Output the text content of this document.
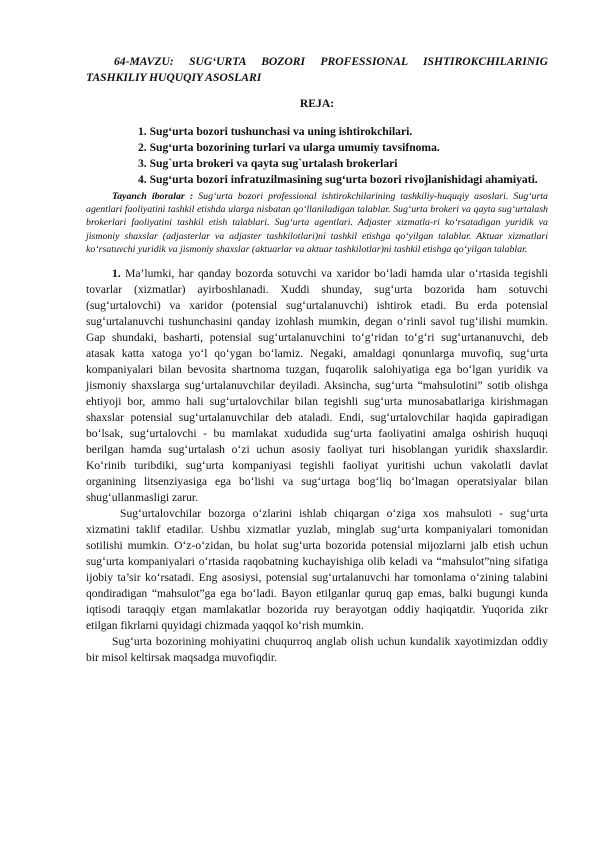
64-MAVZU: SUG‘URTA BOZORI PROFESSIONAL ISHTIROKCHILARINIG TASHKILIY HUQUQIY ASOSLARI

REJA:

1. Sug‘urta bozori tushunchasi va uning ishtirokchilari.
2. Sug‘urta bozorining turlari va ularga umumiy tavsifnoma.
3. Sug`urta brokeri va qayta sug`urtalash brokerlari
4. Sug‘urta bozori infratuzilmasining sug‘urta bozori rivojlanishidagi ahamiyati.

Tayanch iboralar : Sug‘urta bozori professional ishtirokchilarining tashkiliy-huquqiy asoslari. Sug‘urta agentlari faoliyatini tashkil etishda ularga nisbatan qo‘llaniladigan talablar. Sug‘urta brokeri va qayta sug‘urtalash brokerlari faoliyatini tashkil etish talablari. Sug‘urta agentlari. Adjaster xizmatla-ri ko‘rsatadigan yuridik va jismoniy shaxslar (adjasterlar va adjaster tashkilotlari)ni tashkil etishga qo‘yilgan talablar. Aktuar xizmatlari ko‘rsatuvchi yuridik va jismoniy shaxslar (aktuarlar va aktuar tashkilotlar)ni tashkil etishga qo‘yilgan talablar.

1. Ma’lumki, har qanday bozorda sotuvchi va xaridor bo‘ladi hamda ular o‘rtasida tegishli tovarlar (xizmatlar) ayirboshlanadi. Xuddi shunday, sug‘urta bozorida ham sotuvchi (sug‘urtalovchi) va xaridor (potensial sug‘urtalanuvchi) ishtirok etadi. Bu erda potensial sug‘urtalanuvchi tushunchasini qanday izohlash mumkin, degan o‘rinli savol tug‘ilishi mumkin. Gap shundaki, basharti, potensial sug‘urtalanuvchini to‘g‘ridan to‘g‘ri sug‘urtananuvchi, deb atasak katta xatoga yo‘l qo‘ygan bo‘lamiz. Negaki, amaldagi qonunlarga muvofiq, sug‘urta kompaniyalari bilan bevosita shartnoma tuzgan, fuqarolik salohiyatiga ega bo‘lgan yuridik va jismoniy shaxslarga sug‘urtalanuvchilar deyiladi. Aksincha, sug‘urta “mahsulotini” sotib olishga ehtiyoji bor, ammo hali sug‘urtalovchilar bilan tegishli sug‘urta munosabatlariga kirishmagan shaxslar potensial sug‘urtalanuvchilar deb ataladi. Endi, sug‘urtalovchilar haqida gapiradigan bo‘lsak, sug‘urtalovchi - bu mamlakat xududida sug‘urta faoliyatini amalga oshirish huquqi berilgan hamda sug‘urtalash o‘zi uchun asosiy faoliyat turi hisoblangan yuridik shaxslardir. Ko‘rinib turibdiki, sug‘urta kompaniyasi tegishli faoliyat yuritishi uchun vakolatli davlat organining litsenziyasiga ega bo‘lishi va sug‘urtaga bog‘liq bo‘lmagan operatsiyalar bilan shug‘ullanmasligi zarur.

Sug‘urtalovchilar bozorga o‘zlarini ishlab chiqargan o‘ziga xos mahsuloti - sug‘urta xizmatini taklif etadilar. Ushbu xizmatlar yuzlab, minglab sug‘urta kompaniyalari tomonidan sotilishi mumkin. O‘z-o‘zidan, bu holat sug‘urta bozorida potensial mijozlarni jalb etish uchun sug‘urta kompaniyalari o‘rtasida raqobatning kuchayishiga olib keladi va “mahsulot”ning sifatiga ijobiy ta’sir ko‘rsatadi. Eng asosiysi, potensial sug‘urtalanuvchi har tomonlama o‘zining talabini qondiradigan “mahsulot”ga ega bo‘ladi. Bayon etilganlar quruq gap emas, balki bugungi kunda iqtisodi taraqqiy etgan mamlakatlar bozorida ruy berayotgan oddiy haqiqatdir. Yuqorida zikr etilgan fikrlarni quyidagi chizmada yaqqol ko‘rish mumkin.

Sug‘urta bozorining mohiyatini chuqurroq anglab olish uchun kundalik xayotimizdan oddiy bir misol keltirsak maqsadga muvofiqdir.
